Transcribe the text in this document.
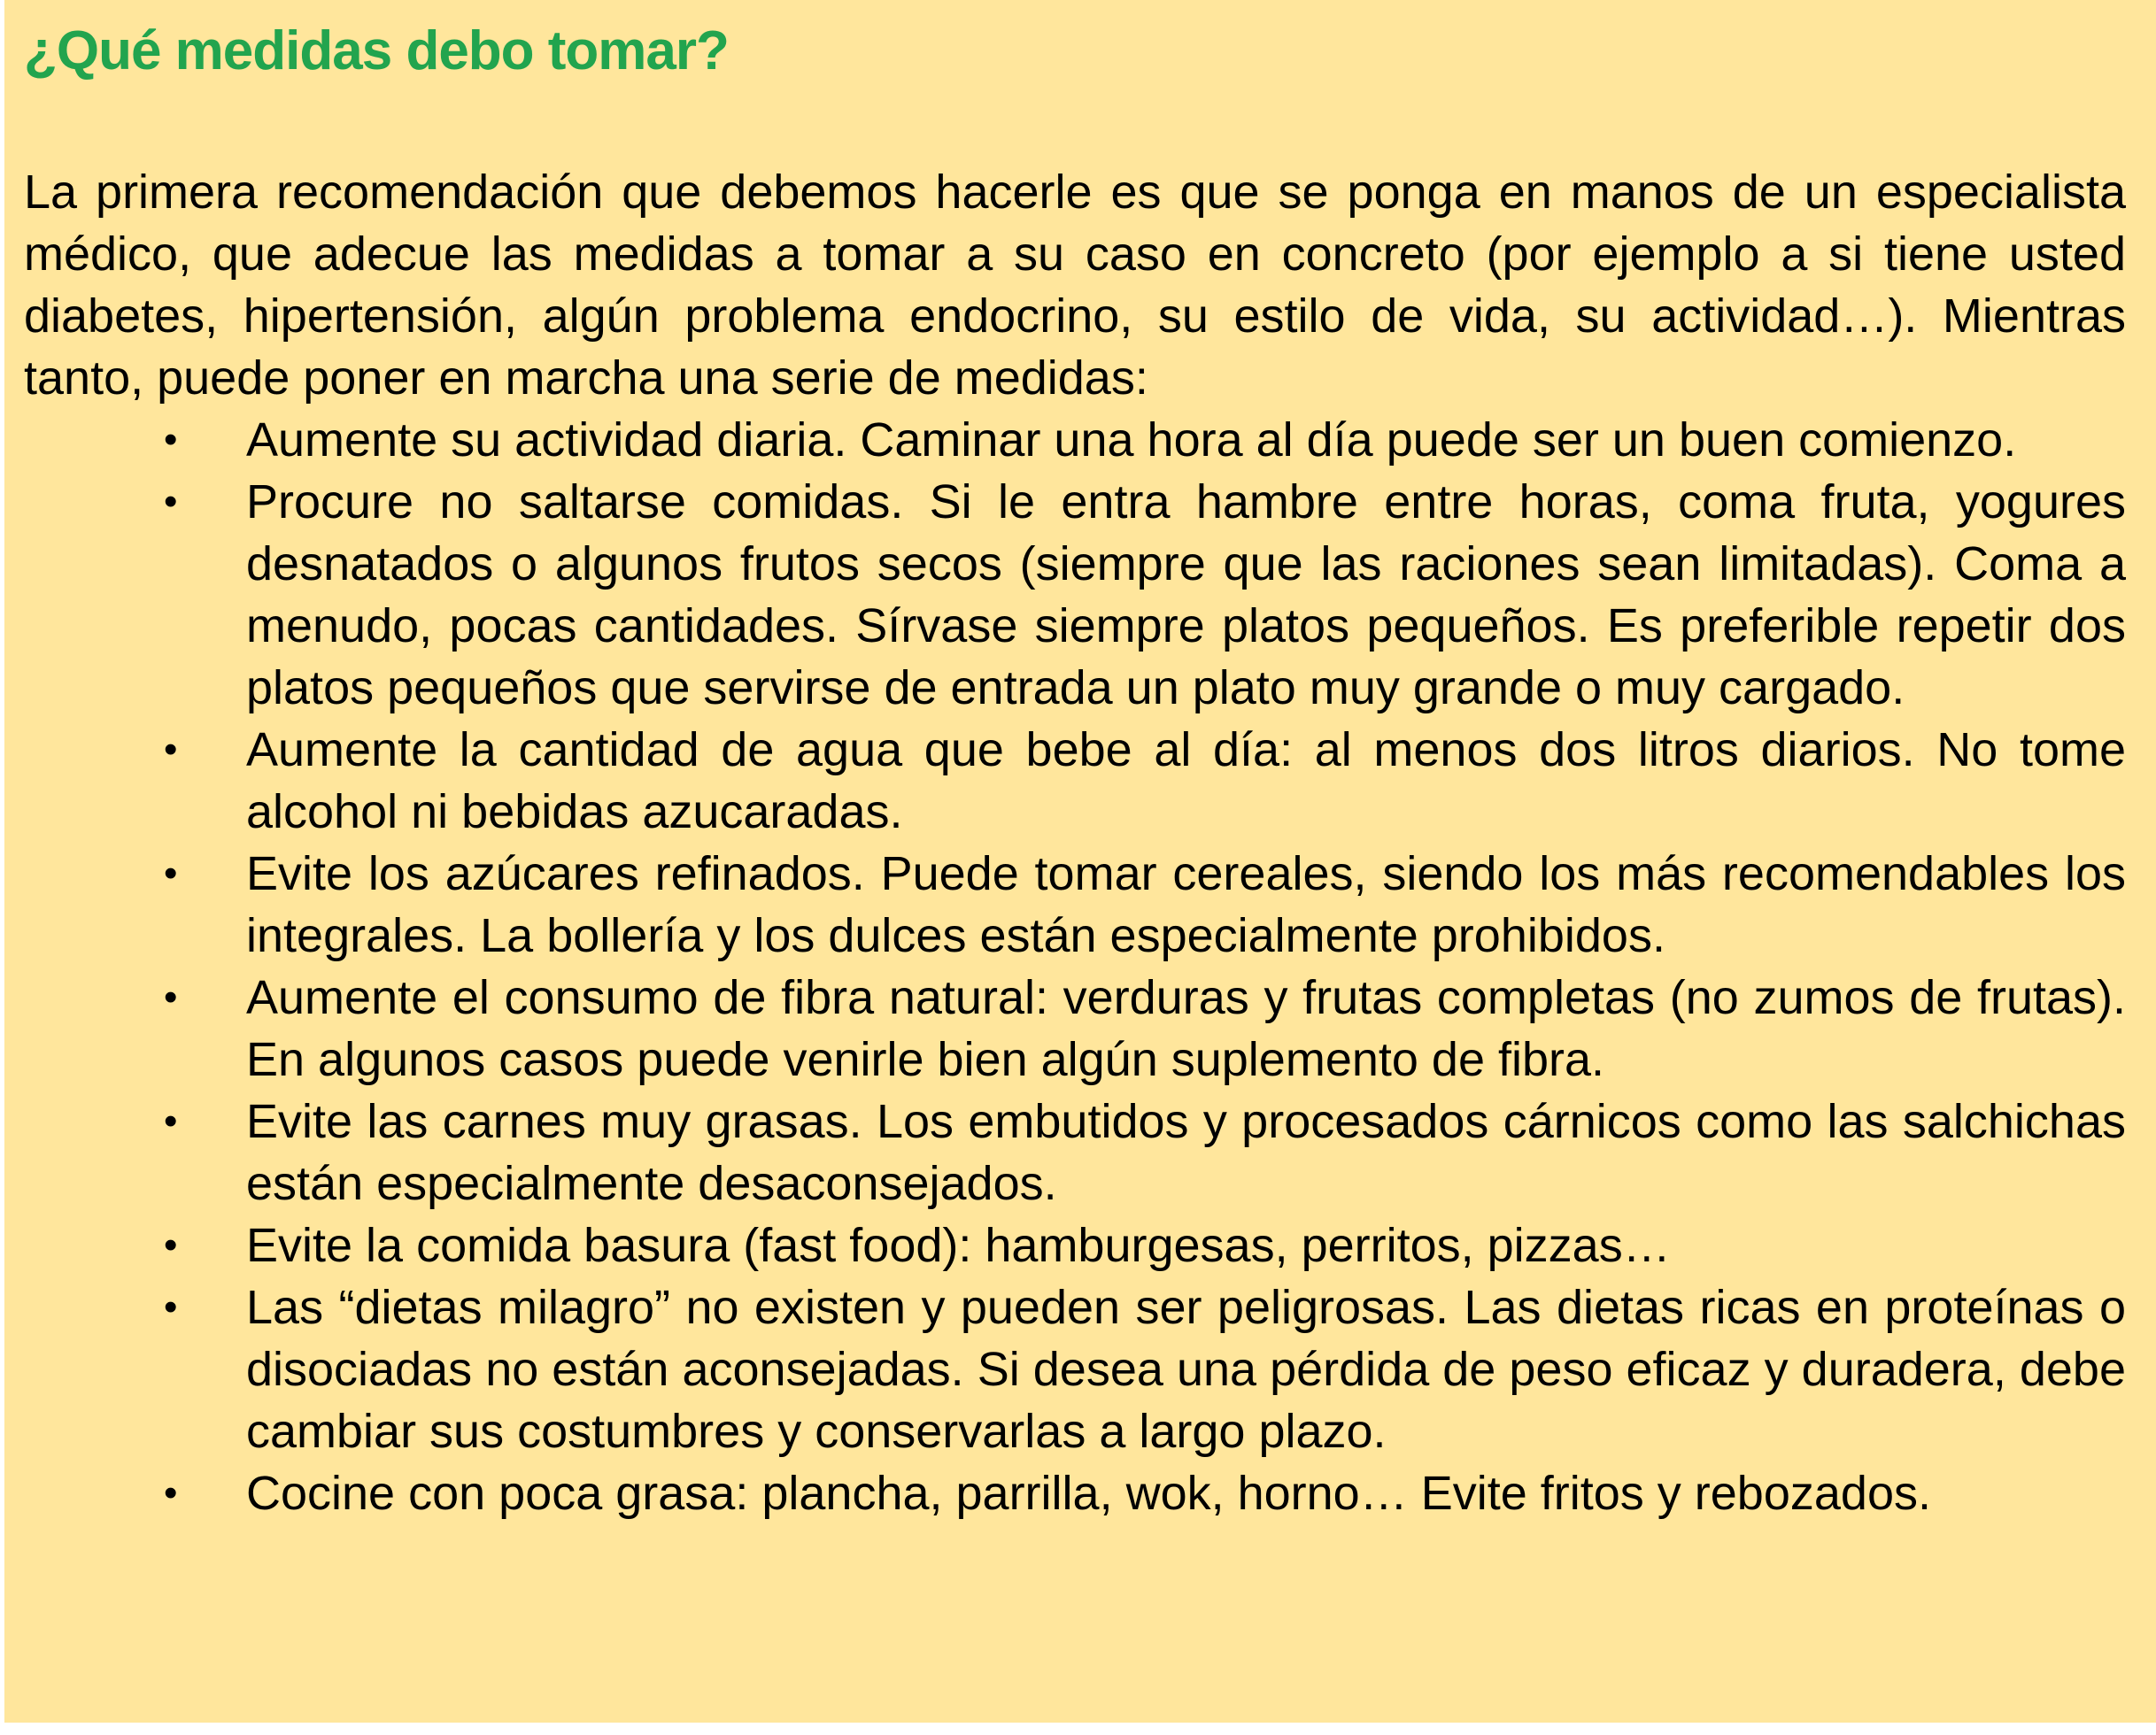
¿Qué medidas debo tomar?

La primera recomendación que debemos hacerle es que se ponga en manos de un especialista médico, que adecue las medidas a tomar a su caso en concreto (por ejemplo a si tiene usted diabetes, hipertensión, algún problema endocrino, su estilo de vida, su actividad…). Mientras tanto, puede poner en marcha una serie de medidas:

• Aumente su actividad diaria. Caminar una hora al día puede ser un buen comienzo.
• Procure no saltarse comidas. Si le entra hambre entre horas, coma fruta, yogures desnatados o algunos frutos secos (siempre que las raciones sean limitadas). Coma a menudo, pocas cantidades. Sírvase siempre platos pequeños. Es preferible repetir dos platos pequeños que servirse de entrada un plato muy grande o muy cargado.
• Aumente la cantidad de agua que bebe al día: al menos dos litros diarios. No tome alcohol ni bebidas azucaradas.
• Evite los azúcares refinados. Puede tomar cereales, siendo los más recomendables los integrales. La bollería y los dulces están especialmente prohibidos.
• Aumente el consumo de fibra natural: verduras y frutas completas (no zumos de frutas). En algunos casos puede venirle bien algún suplemento de fibra.
• Evite las carnes muy grasas. Los embutidos y procesados cárnicos como las salchichas están especialmente desaconsejados.
• Evite la comida basura (fast food): hamburgesas, perritos, pizzas…
• Las “dietas milagro” no existen y pueden ser peligrosas. Las dietas ricas en proteínas o disociadas no están aconsejadas. Si desea una pérdida de peso eficaz y duradera, debe cambiar sus costumbres y conservarlas a largo plazo.
• Cocine con poca grasa: plancha, parrilla, wok, horno… Evite fritos y rebozados.
